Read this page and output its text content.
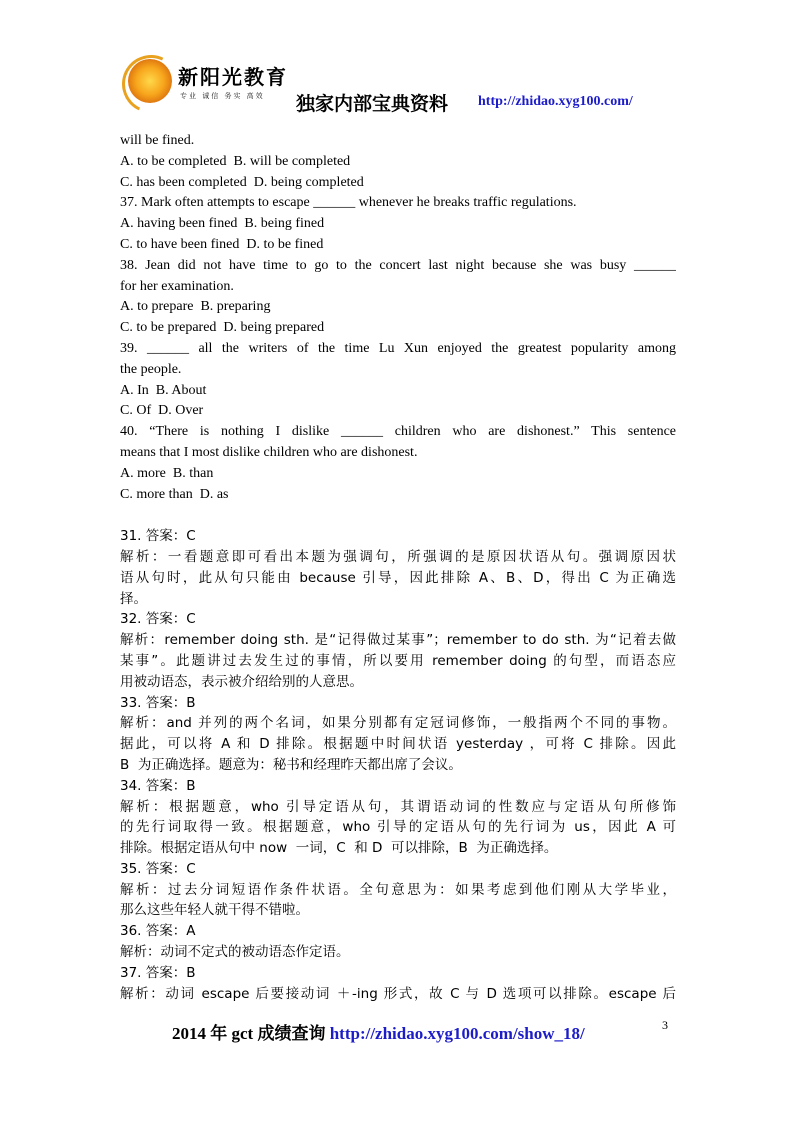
新阳光教育
专业 诚信 务实 高效 独家内部宝典资料 http://zhidao.xyg100.com/
will be fined.
A. to be completed  B. will be completed
C. has been completed  D. being completed
37. Mark often attempts to escape ______ whenever he breaks traffic regulations.
A. having been fined  B. being fined
C. to have been fined  D. to be fined
38. Jean did not have time to go to the concert last night because she was busy ______
for her examination.
A. to prepare  B. preparing
C. to be prepared  D. being prepared
39. ______ all the writers of the time Lu Xun enjoyed the greatest popularity among
the people.
A. In  B. About
C. Of  D. Over
40. “There is nothing I dislike ______ children who are dishonest.” This sentence
means that I most dislike children who are dishonest.
A. more  B. than
C. more than  D. as
31. 答案：C
解析：一看题意即可看出本题为强调句，所强调的是原因状语从句。强调原因状
语从句时，此从句只能由 because 引导，因此排除 A、B、D，得出 C 为正确选
择。
32. 答案：C
解析：remember doing sth. 是“记得做过某事”；remember to do sth. 为“记着去做
某事”。此题讲过去发生过的事情，所以要用 remember doing 的句型，而语态应
用被动语态，表示被介绍给别的人意思。
33. 答案：B
解析：and 并列的两个名词，如果分别都有定冠词修饰，一般指两个不同的事物。
据此，可以将 A 和 D 排除。根据题中时间状语 yesterday ，可将 C 排除。因此
B  为正确选择。题意为：秘书和经理昨天都出席了会议。
34. 答案：B
解析：根据题意，who 引导定语从句，其谓语动词的性数应与定语从句所修饰
的先行词取得一致。根据题意，who 引导的定语从句的先行词为 us，因此 A 可
排除。根据定语从句中 now  一词，C  和 D  可以排除，B  为正确选择。
35. 答案：C
解析：过去分词短语作条件状语。全句意思为：如果考虑到他们刚从大学毕业，
那么这些年轻人就干得不错啦。
36. 答案：A
解析：动词不定式的被动语态作定语。
37. 答案：B
解析：动词 escape 后要接动词 ＋-ing 形式，故 C 与 D 选项可以排除。escape 后
2014 年 gct 成绩查询 http://zhidao.xyg100.com/show_18/	3
